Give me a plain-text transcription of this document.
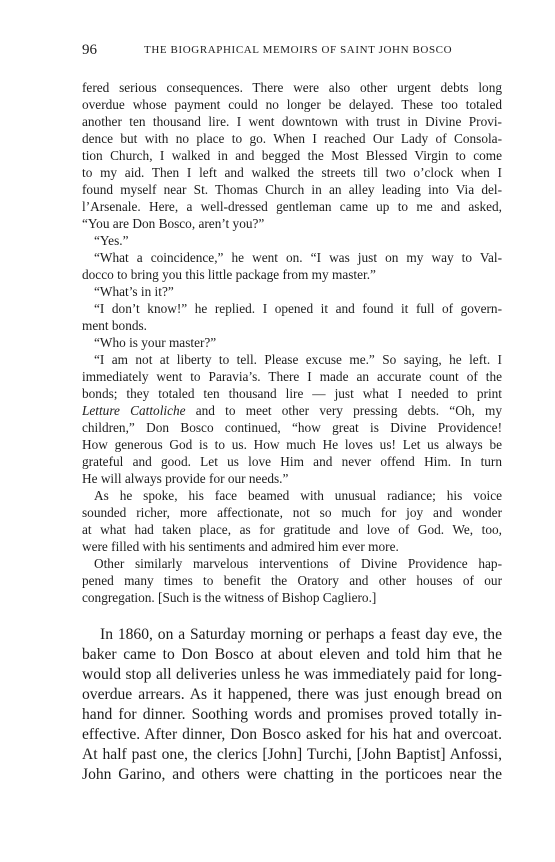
96	THE BIOGRAPHICAL MEMOIRS OF SAINT JOHN BOSCO

fered serious consequences. There were also other urgent debts long

overdue whose payment could no longer be delayed. These too totaled

another ten thousand lire. I went downtown with trust in Divine Provi-

dence but with no place to go. When I reached Our Lady of Consola-

tion Church, I walked in and begged the Most Blessed Virgin to come

to my aid. Then I left and walked the streets till two o’clock when I

found myself near St. Thomas Church in an alley leading into Via del-

l’Arsenale. Here, a well-dressed gentleman came up to me and asked,

“You are Don Bosco, aren’t you?”

“Yes.”

“What a coincidence,” he went on. “I was just on my way to Val-

docco to bring you this little package from my master.”

“What’s in it?”

“I don’t know!” he replied. I opened it and found it full of govern-

ment bonds.

“Who is your master?”

“I am not at liberty to tell. Please excuse me.” So saying, he left. I

immediately went to Paravia’s. There I made an accurate count of the

bonds; they totaled ten thousand lire — just what I needed to print

Letture Cattoliche and to meet other very pressing debts. “Oh, my

children,” Don Bosco continued, “how great is Divine Providence!

How generous God is to us. How much He loves us! Let us always be

grateful and good. Let us love Him and never offend Him. In turn

He will always provide for our needs.”

As he spoke, his face beamed with unusual radiance; his voice

sounded richer, more affectionate, not so much for joy and wonder

at what had taken place, as for gratitude and love of God. We, too,

were filled with his sentiments and admired him ever more.

Other similarly marvelous interventions of Divine Providence hap-

pened many times to benefit the Oratory and other houses of our

congregation. [Such is the witness of Bishop Cagliero.]

In 1860, on a Saturday morning or perhaps a feast day eve, the

baker came to Don Bosco at about eleven and told him that he

would stop all deliveries unless he was immediately paid for long-

overdue arrears. As it happened, there was just enough bread on

hand for dinner. Soothing words and promises proved totally in-

effective. After dinner, Don Bosco asked for his hat and overcoat.

At half past one, the clerics [John] Turchi, [John Baptist] Anfossi,

John Garino, and others were chatting in the porticoes near the
